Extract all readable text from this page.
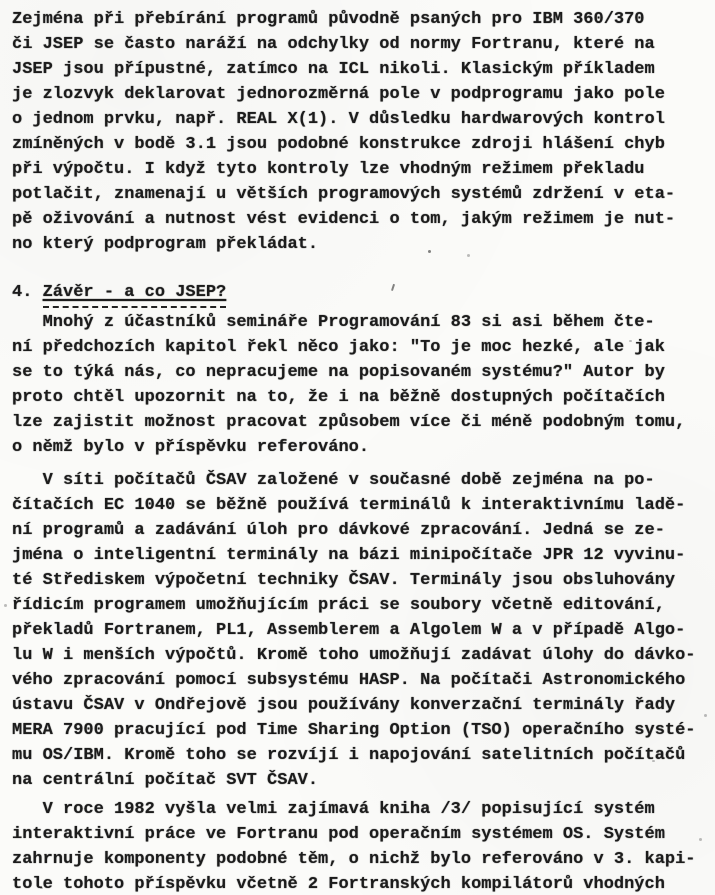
Zejména při přebírání programů původně psaných pro IBM 360/370
či JSEP se často naráží na odchylky od normy Fortranu, které na
JSEP jsou přípustné, zatímco na ICL nikoli. Klasickým příkladem
je zlozvyk deklarovat jednorozměrná pole v podprogramu jako pole
o jednom prvku, např. REAL X(1). V důsledku hardwarových kontrol
zmíněných v bodě 3.1 jsou podobné konstrukce zdroji hlášení chyb
při výpočtu. I když tyto kontroly lze vhodným režimem překladu
potlačit, znamenají u větších programových systémů zdržení v eta-
pě oživování a nutnost vést evidenci o tom, jakým režimem je nut-
no který podprogram překládat.
4. Závěr - a co JSEP?
Mnohý z účastníků semináře Programování 83 si asi během čte-
ní předchozích kapitol řekl něco jako: "To je moc hezké, ale jak
se to týká nás, co nepracujeme na popisovaném systému?" Autor by
proto chtěl upozornit na to, že i na běžně dostupných počítačích
lze zajistit možnost pracovat způsobem více či méně podobným tomu,
o němž bylo v příspěvku referováno.
V síti počítačů ČSAV založené v současné době zejména na po-
čítačích EC 1040 se běžně používá terminálů k interaktivnímu ladě-
ní programů a zadávání úloh pro dávkové zpracování. Jedná se ze-
jména o inteligentní terminály na bázi minipočítače JPR 12 vyvinu-
té Střediskem výpočetní techniky ČSAV. Terminály jsou obsluhovány
řídicím programem umožňujícím práci se soubory včetně editování,
překladů Fortranem, PL1, Assemblerem a Algolem W a v případě Algo-
lu W i menších výpočtů. Kromě toho umožňují zadávat úlohy do dávko-
vého zpracování pomocí subsystému HASP. Na počítači Astronomického
ústavu ČSAV v Ondřejově jsou používány konverzační terminály řady
MERA 7900 pracující pod Time Sharing Option (TSO) operačního systé-
mu OS/IBM. Kromě toho se rozvíjí i napojování satelitních počítačů
na centrální počítač SVT ČSAV.
V roce 1982 vyšla velmi zajímavá kniha /3/ popisující systém
interaktivní práce ve Fortranu pod operačním systémem OS. Systém
zahrnuje komponenty podobné těm, o nichž bylo referováno v 3. kapi-
tole tohoto příspěvku včetně 2 Fortranských kompilátorů vhodných
